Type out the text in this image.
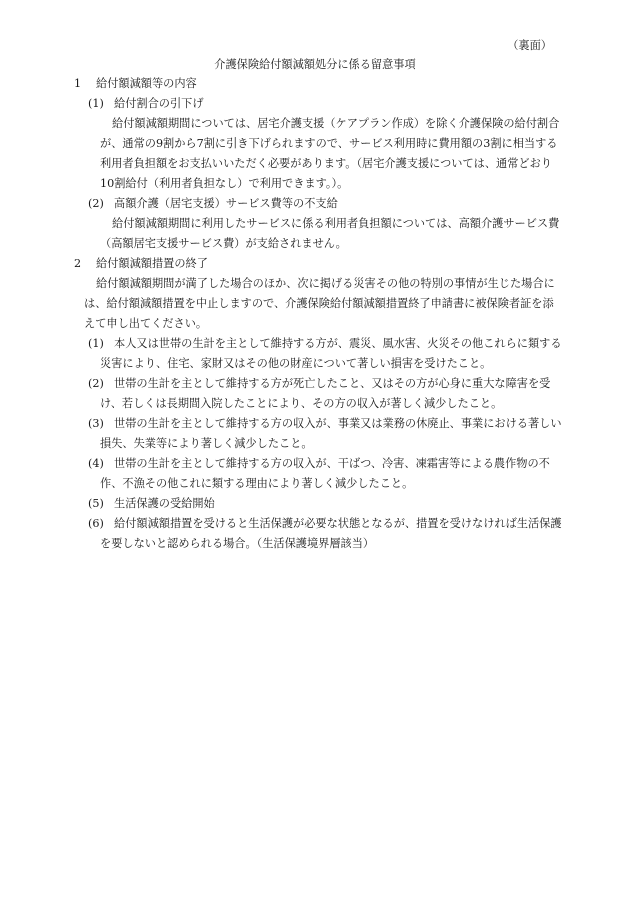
（裏面）
介護保険給付額減額処分に係る留意事項
1 給付額減額等の内容
(1) 給付割合の引下げ
給付額減額期間については、居宅介護支援（ケアプラン作成）を除く介護保険の給付割合が、通常の9割から7割に引き下げられますので、サービス利用時に費用額の3割に相当する利用者負担額をお支払いいただく必要があります。（居宅介護支援については、通常どおり10割給付（利用者負担なし）で利用できます。）。
(2) 高額介護（居宅支援）サービス費等の不支給
給付額減額期間に利用したサービスに係る利用者負担額については、高額介護サービス費（高額居宅支援サービス費）が支給されません。
2 給付額減額措置の終了
給付額減額期間が満了した場合のほか、次に掲げる災害その他の特別の事情が生じた場合には、給付額減額措置を中止しますので、介護保険給付額減額措置終了申請書に被保険者証を添えて申し出てください。
(1) 本人又は世帯の生計を主として維持する方が、震災、風水害、火災その他これらに類する災害により、住宅、家財又はその他の財産について著しい損害を受けたこと。
(2) 世帯の生計を主として維持する方が死亡したこと、又はその方が心身に重大な障害を受け、若しくは長期間入院したことにより、その方の収入が著しく減少したこと。
(3) 世帯の生計を主として維持する方の収入が、事業又は業務の休廃止、事業における著しい損失、失業等により著しく減少したこと。
(4) 世帯の生計を主として維持する方の収入が、干ばつ、冷害、凍霜害等による農作物の不作、不漁その他これに類する理由により著しく減少したこと。
(5) 生活保護の受給開始
(6) 給付額減額措置を受けると生活保護が必要な状態となるが、措置を受けなければ生活保護を要しないと認められる場合。（生活保護境界層該当）
